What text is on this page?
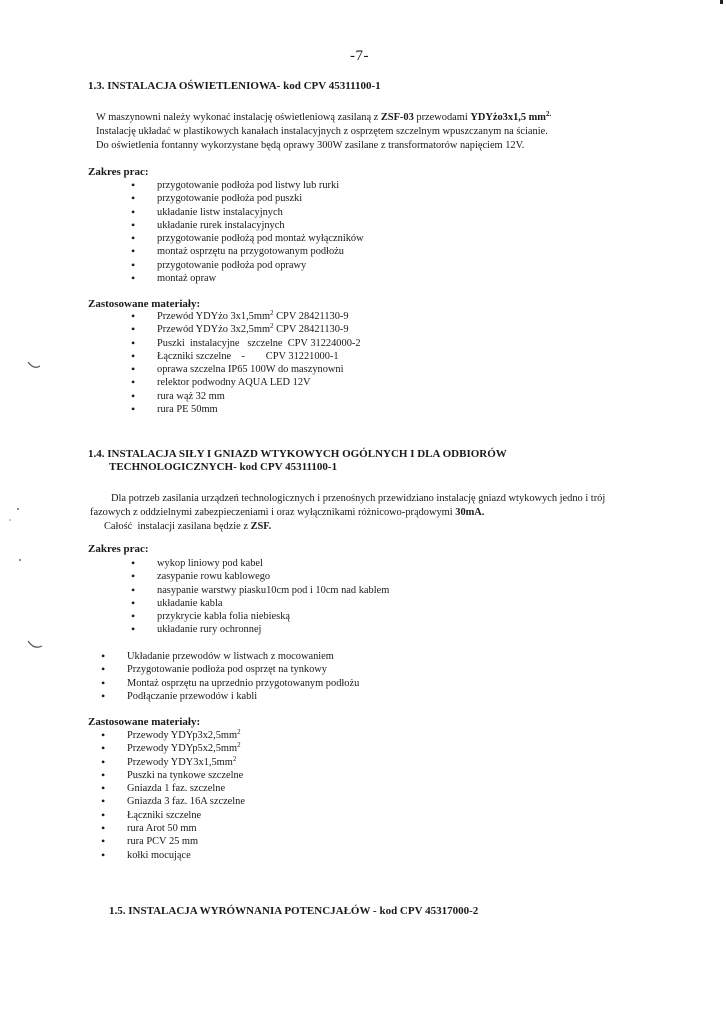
-7-
1.3. INSTALACJA OŚWIETLENIOWA- kod CPV 45311100-1

W maszynowni należy wykonać instalację oświetleniową zasilaną z ZSF-03 przewodami YDYżo3x1,5 $mm^{2.}$

Instalację układać w plastikowych kanałach instalacyjnych z osprzętem szczelnym wpuszczanym na ścianie.

Do oświetlenia fontanny wykorzystane będą oprawy 300W zasilane z transformatorów napięciem 12V.

Zakres prac:
• przygotowanie podłoża pod listwy lub rurki
• przygotowanie podłoża pod puszki
• układanie listw instalacyjnych
• układanie rurek instalacyjnych
• przygotowanie podłożą pod montaż wyłączników
• montaż osprzętu na przygotowanym podłożu
• przygotowanie podłoża pod oprawy
• montaż opraw
Zastosowane materiały:
• Przewód YDYżo $3x1,5mm^2$ CPV 28421130-9
• Przewód YDYżo $3x2,5mm^2$ CPV 28421130-9
• Puszki  instalacyjne   szczelne  CPV 31224000-2
• Łączniki szczelne    -        CPV 31221000-1
• oprawa szczelna IP65 100W do maszynowni
• relektor podwodny AQUA LED 12V
• rura wąż 32 mm
• rura PE 50mm
1.4. INSTALACJA SIŁY I GNIAZD WTYKOWYCH OGÓLNYCH I DLA ODBIORÓW
TECHNOLOGICZNYCH- kod CPV 45311100-1

Dla potrzeb zasilania urządzeń technologicznych i przenośnych przewidziano instalację gniazd wtykowych jedno i trój

fazowych z oddzielnymi zabezpieczeniami i oraz wyłącznikami różnicowo-prądowymi 30mA.

Całość  instalacji zasilana będzie z ZSF.

Zakres prac:
• wykop liniowy pod kabel
• zasypanie rowu kablowego
• nasypanie warstwy piasku10cm pod i 10cm nad kablem
• układanie kabla
• przykrycie kabla folia niebieską
• układanie rury ochronnej
• Układanie przewodów w listwach z mocowaniem
• Przygotowanie podłoża pod osprzęt na tynkowy
• Montaż osprzętu na uprzednio przygotowanym podłożu
• Podłączanie przewodów i kabli
Zastosowane materiały:
• Przewody $YDYp3x2,5mm^2$
• Przewody $YDYp5x2,5mm^2$
• Przewody $YDY3x1,5mm^2$
• Puszki na tynkowe szczelne
• Gniazda 1 faz. szczelne
• Gniazda 3 faz. 16A szczelne
• Łączniki szczelne
• rura Arot 50 mm
• rura PCV 25 mm
• kołki mocujące
1.5. INSTALACJA WYRÓWNANIA POTENCJAŁÓW - kod CPV 45317000-2
